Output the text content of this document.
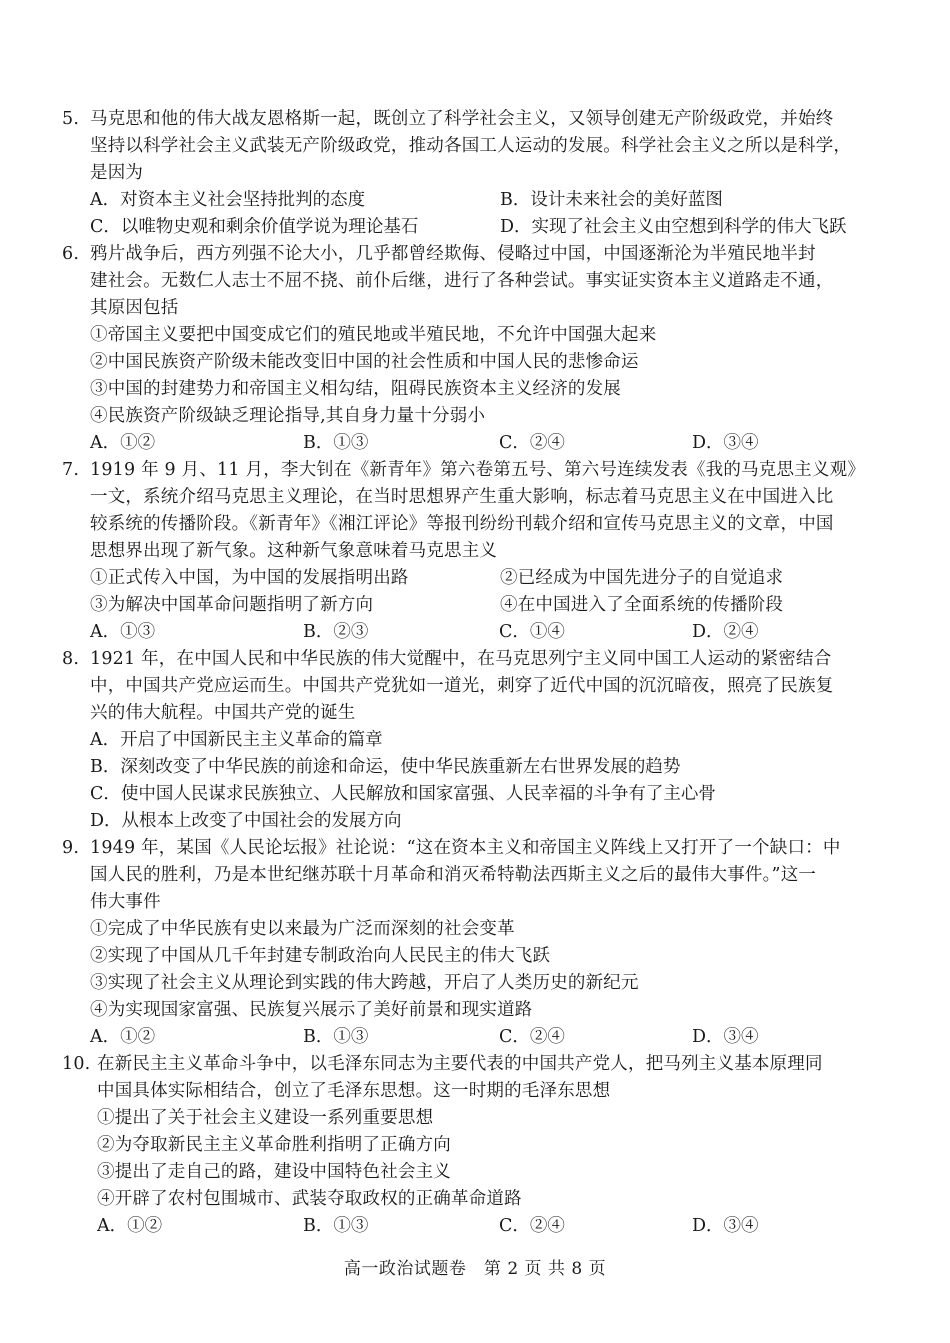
5. 马克思和他的伟大战友恩格斯一起，既创立了科学社会主义，又领导创建无产阶级政党，并始终
坚持以科学社会主义武装无产阶级政党，推动各国工人运动的发展。科学社会主义之所以是科学，
是因为
A．对资本主义社会坚持批判的态度	B．设计未来社会的美好蓝图
C．以唯物史观和剩余价值学说为理论基石	D．实现了社会主义由空想到科学的伟大飞跃
6. 鸦片战争后，西方列强不论大小，几乎都曾经欺侮、侵略过中国，中国逐渐沦为半殖民地半封
建社会。无数仁人志士不屈不挠、前仆后继，进行了各种尝试。事实证实资本主义道路走不通，
其原因包括
①帝国主义要把中国变成它们的殖民地或半殖民地，不允许中国强大起来
②中国民族资产阶级未能改变旧中国的社会性质和中国人民的悲惨命运
③中国的封建势力和帝国主义相勾结，阻碍民族资本主义经济的发展
④民族资产阶级缺乏理论指导,其自身力量十分弱小
A．①②	B．①③	C．②④	D．③④
7. 1919 年 9 月、11 月，李大钊在《新青年》第六卷第五号、第六号连续发表《我的马克思主义观》
一文，系统介绍马克思主义理论，在当时思想界产生重大影响，标志着马克思主义在中国进入比
较系统的传播阶段。《新青年》《湘江评论》等报刊纷纷刊载介绍和宣传马克思主义的文章，中国
思想界出现了新气象。这种新气象意味着马克思主义
①正式传入中国，为中国的发展指明出路	②已经成为中国先进分子的自觉追求
③为解决中国革命问题指明了新方向	④在中国进入了全面系统的传播阶段
A．①③	B．②③	C．①④	D．②④
8. 1921 年，在中国人民和中华民族的伟大觉醒中，在马克思列宁主义同中国工人运动的紧密结合
中，中国共产党应运而生。中国共产党犹如一道光，刺穿了近代中国的沉沉暗夜，照亮了民族复
兴的伟大航程。中国共产党的诞生
A．开启了中国新民主主义革命的篇章
B．深刻改变了中华民族的前途和命运，使中华民族重新左右世界发展的趋势
C．使中国人民谋求民族独立、人民解放和国家富强、人民幸福的斗争有了主心骨
D．从根本上改变了中国社会的发展方向
9. 1949 年，某国《人民论坛报》社论说：“这在资本主义和帝国主义阵线上又打开了一个缺口：中
国人民的胜利，乃是本世纪继苏联十月革命和消灭希特勒法西斯主义之后的最伟大事件。”这一
伟大事件
①完成了中华民族有史以来最为广泛而深刻的社会变革
②实现了中国从几千年封建专制政治向人民民主的伟大飞跃
③实现了社会主义从理论到实践的伟大跨越，开启了人类历史的新纪元
④为实现国家富强、民族复兴展示了美好前景和现实道路
A．①②	B．①③	C．②④	D．③④
10. 在新民主主义革命斗争中，以毛泽东同志为主要代表的中国共产党人，把马列主义基本原理同
中国具体实际相结合，创立了毛泽东思想。这一时期的毛泽东思想
①提出了关于社会主义建设一系列重要思想
②为夺取新民主主义革命胜利指明了正确方向
③提出了走自己的路，建设中国特色社会主义
④开辟了农村包围城市、武装夺取政权的正确革命道路
A．①②	B．①③	C．②④	D．③④
高一政治试题卷　第 2 页 共 8 页
